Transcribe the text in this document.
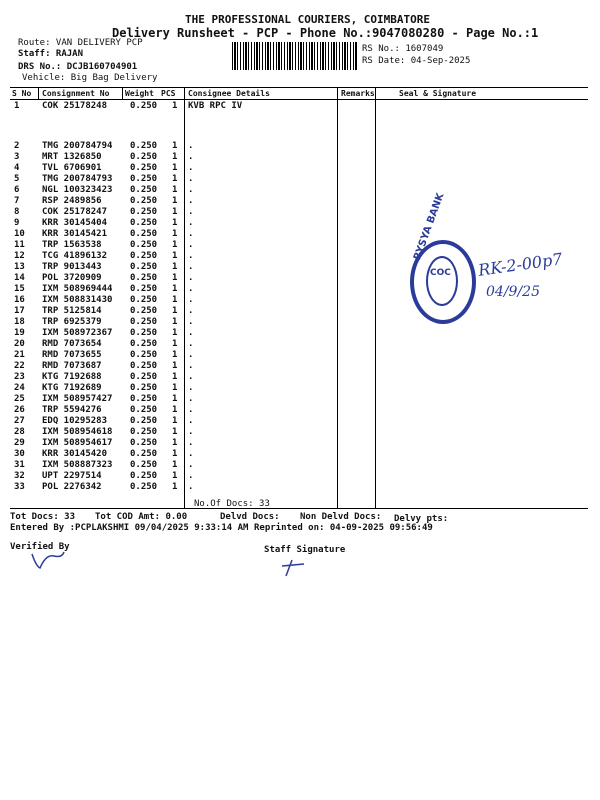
THE PROFESSIONAL COURIERS, COIMBATORE
Delivery Runsheet - PCP - Phone No.:9047080280 - Page No.:1
Route: VAN DELIVERY PCP
Staff: RAJAN
DRS No.: DCJB160704901
Vehicle: Big Bag Delivery
RS No.: 1607049
RS Date: 04-Sep-2025
S No Consignment No Weight PCS Consignee Details	Remarks	Seal & Signature
1	COK 25178248	0.250 1 KVB RPC IV
2	TMG 200784794 0.250 1 .
3	MRT 1326850	0.250 1 .
4	TVL 6706901	0.250 1 .
5	TMG 200784793 0.250 1 .
6	NGL 100323423 0.250 1 .
7	RSP 2489856	0.250 1 .
8	COK 25178247	0.250 1 .
9	KRR 30145404	0.250 1 .
10 KRR 30145421	0.250 1 .
11 TRP 1563538	0.250 1 .
12 TCG 41896132	0.250 1 .
13 TRP 9013443	0.250 1 .
14 POL 3720909	0.250 1 .
15 IXM 508969444 0.250 1 .
16 IXM 508831430 0.250 1 .
17 TRP 5125814	0.250 1 .
18 TRP 6925379	0.250 1 .
19 IXM 508972367 0.250 1 .
20 RMD 7073654	0.250 1 .
21 RMD 7073655	0.250 1 .
22 RMD 7073687	0.250 1 .
23 KTG 7192688	0.250 1 .
24 KTG 7192689	0.250 1 .
25 IXM 508957427 0.250 1 .
26 TRP 5594276	0.250 1 .
27 EDQ 10295283	0.250 1 .
28 IXM 508954618 0.250 1 .
29 IXM 508954617 0.250 1 .
30 KRR 30145420	0.250 1 .
31 IXM 508887323 0.250 1 .
32 UPT 2297514	0.250 1 .
33 POL 2276342	0.250 1 .
No.Of Docs: 33
RYSYA BANK
COC RK-2-00p7
04/9/25
Tot Docs: 33 Tot COD Amt: 0.00	Delvd Docs: Non Delvd Docs: Delvy pts:
Entered By :PCPLAKSHMI 09/04/2025 9:33:14 AM Reprinted on: 04-09-2025 09:56:49
Verified By	Staff Signature
